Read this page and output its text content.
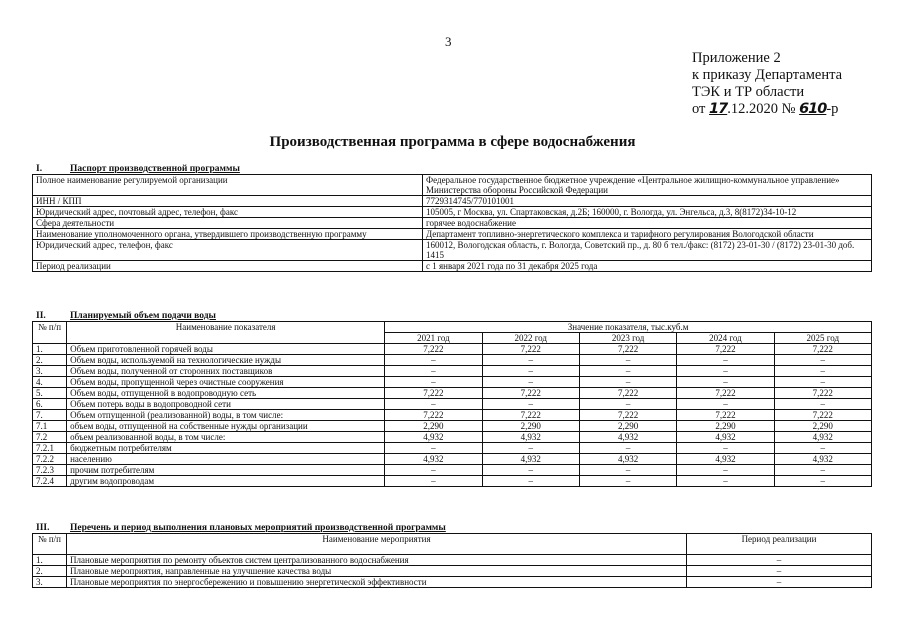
3
Приложение 2
к приказу Департамента
ТЭК и ТР области
от 17.12.2020 № 610-р
Производственная программа в сфере водоснабжения
I.	Паспорт производственной программы
Полное наименование регулируемой организации	Федеральное государственное бюджетное учреждение «Центральное жилищно-коммунальное управление» Министерства обороны Российской Федерации
ИНН / КПП	7729314745/770101001
Юридический адрес, почтовый адрес, телефон, факс	105005, г Москва, ул. Спартаковская, д.2Б; 160000, г. Вологда, ул. Энгельса, д.3, 8(8172)34-10-12
Сфера деятельности	горячее водоснабжение
Наименование уполномоченного органа, утвердившего производственную программу	Департамент топливно-энергетического комплекса и тарифного регулирования Вологодской области
Юридический адрес, телефон, факс	160012, Вологодская область, г. Вологда, Советский пр., д. 80 б тел./факс: (8172) 23-01-30 / (8172) 23-01-30 доб. 1415
Период реализации	с 1 января 2021 года по 31 декабря 2025 года
II.	Планируемый объем подачи воды
№ п/п	Наименование показателя	Значение показателя, тыс.куб.м				
		2021 год	2022 год	2023 год	2024 год	2025 год
1.	Объем приготовленной горячей воды	7,222	7,222	7,222	7,222	7,222
2.	Объем воды, используемой на технологические нужды	–	–	–	–	–
3.	Объем воды, полученной от сторонних поставщиков	–	–	–	–	–
4.	Объем воды, пропущенной через очистные сооружения	–	–	–	–	–
5.	Объем воды, отпущенной в водопроводную сеть	7,222	7,222	7,222	7,222	7,222
6.	Объем потерь воды в водопроводной сети	–	–	–	–	–
7.	Объем отпущенной (реализованной) воды, в том числе:	7,222	7,222	7,222	7,222	7,222
7.1	объем воды, отпущенной на собственные нужды организации	2,290	2,290	2,290	2,290	2,290
7.2	объем реализованной воды, в том числе:	4,932	4,932	4,932	4,932	4,932
7.2.1	бюджетным потребителям	–	–	–	–	–
7.2.2	населению	4,932	4,932	4,932	4,932	4,932
7.2.3	прочим потребителям	–	–	–	–	–
7.2.4	другим водопроводам	–	–	–	–	–
III. Перечень и период выполнения плановых мероприятий производственной программы
№ п/п	Наименование мероприятия	Период реализации
1.	Плановые мероприятия по ремонту объектов систем централизованного водоснабжения	–
2.	Плановые мероприятия, направленные на улучшение качества воды	–
3.	Плановые мероприятия по энергосбережению и повышению энергетической эффективности	–
